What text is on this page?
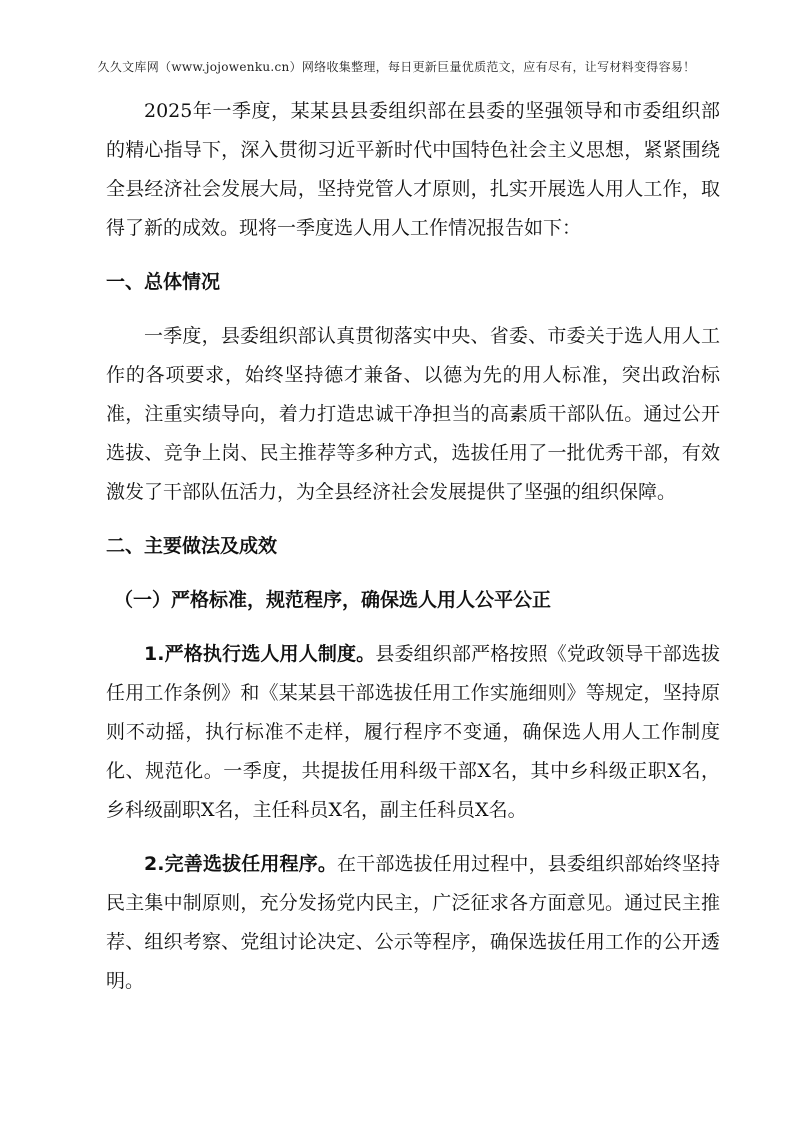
久久文库网（www.jojowenku.cn）网络收集整理，每日更新巨量优质范文，应有尽有，让写材料变得容易！

2025年一季度，某某县县委组织部在县委的坚强领导和市委组织部的精心指导下，深入贯彻习近平新时代中国特色社会主义思想，紧紧围绕全县经济社会发展大局，坚持党管人才原则，扎实开展选人用人工作，取得了新的成效。现将一季度选人用人工作情况报告如下：

一、总体情况

一季度，县委组织部认真贯彻落实中央、省委、市委关于选人用人工作的各项要求，始终坚持德才兼备、以德为先的用人标准，突出政治标准，注重实绩导向，着力打造忠诚干净担当的高素质干部队伍。通过公开选拔、竞争上岗、民主推荐等多种方式，选拔任用了一批优秀干部，有效激发了干部队伍活力，为全县经济社会发展提供了坚强的组织保障。

二、主要做法及成效
（一）严格标准，规范程序，确保选人用人公平公正

1.严格执行选人用人制度。县委组织部严格按照《党政领导干部选拔任用工作条例》和《某某县干部选拔任用工作实施细则》等规定，坚持原则不动摇，执行标准不走样，履行程序不变通，确保选人用人工作制度化、规范化。一季度，共提拔任用科级干部X名，其中乡科级正职X名，乡科级副职X名，主任科员X名，副主任科员X名。

2.完善选拔任用程序。在干部选拔任用过程中，县委组织部始终坚持民主集中制原则，充分发扬党内民主，广泛征求各方面意见。通过民主推荐、组织考察、党组讨论决定、公示等程序，确保选拔任用工作的公开透明。
